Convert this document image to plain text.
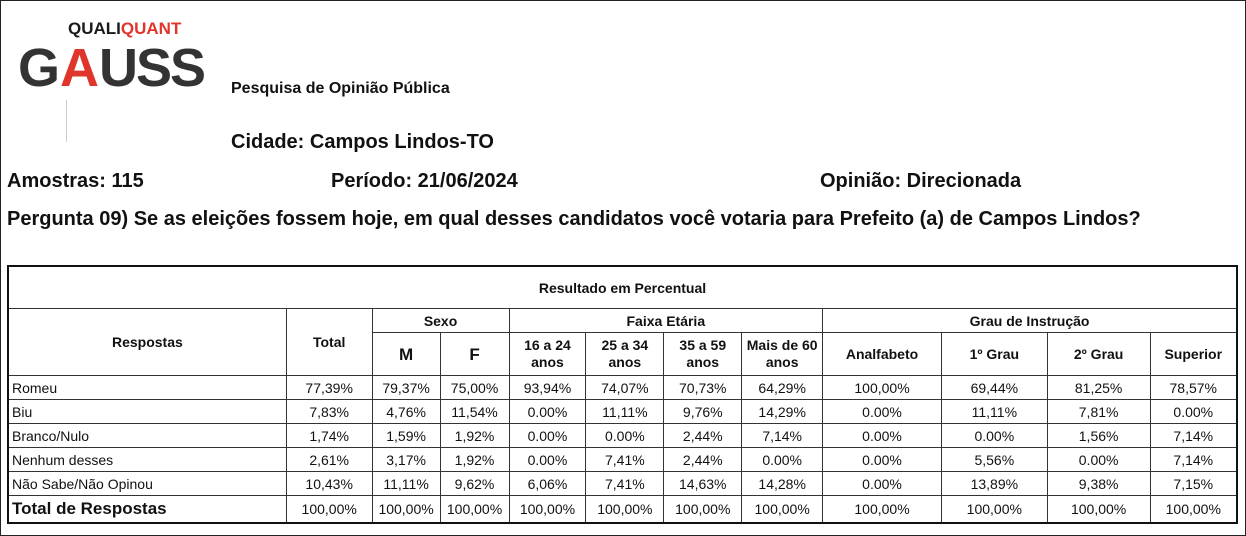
QUALIQUANT
G A USS Pesquisa de Opinião Pública
Cidade: Campos Lindos-TO
Amostras: 115	Período: 21/06/2024	Opinião: Direcionada
Pergunta 09) Se as eleições fossem hoje, em qual desses candidatos você votaria para Prefeito (a) de Campos Lindos?
Resultado em Percentual											
Respostas	Total	Sexo		Faixa Etária				Grau de Instrução			
		M	F	16 a 24 anos	25 a 34 anos	35 a 59 anos	Mais de 60 anos	Analfabeto	1º Grau	2º Grau	Superior
Romeu	77,39%	79,37%	75,00%	93,94%	74,07%	70,73%	64,29%	100,00%	69,44%	81,25%	78,57%
Biu	7,83%	4,76%	11,54%	0.00%	11,11%	9,76%	14,29%	0.00%	11,11%	7,81%	0.00%
Branco/Nulo	1,74%	1,59%	1,92%	0.00%	0.00%	2,44%	7,14%	0.00%	0.00%	1,56%	7,14%
Nenhum desses	2,61%	3,17%	1,92%	0.00%	7,41%	2,44%	0.00%	0.00%	5,56%	0.00%	7,14%
Não Sabe/Não Opinou	10,43%	11,11%	9,62%	6,06%	7,41%	14,63%	14,28%	0.00%	13,89%	9,38%	7,15%
Total de Respostas	100,00%	100,00%	100,00%	100,00%	100,00%	100,00%	100,00%	100,00%	100,00%	100,00%	100,00%
